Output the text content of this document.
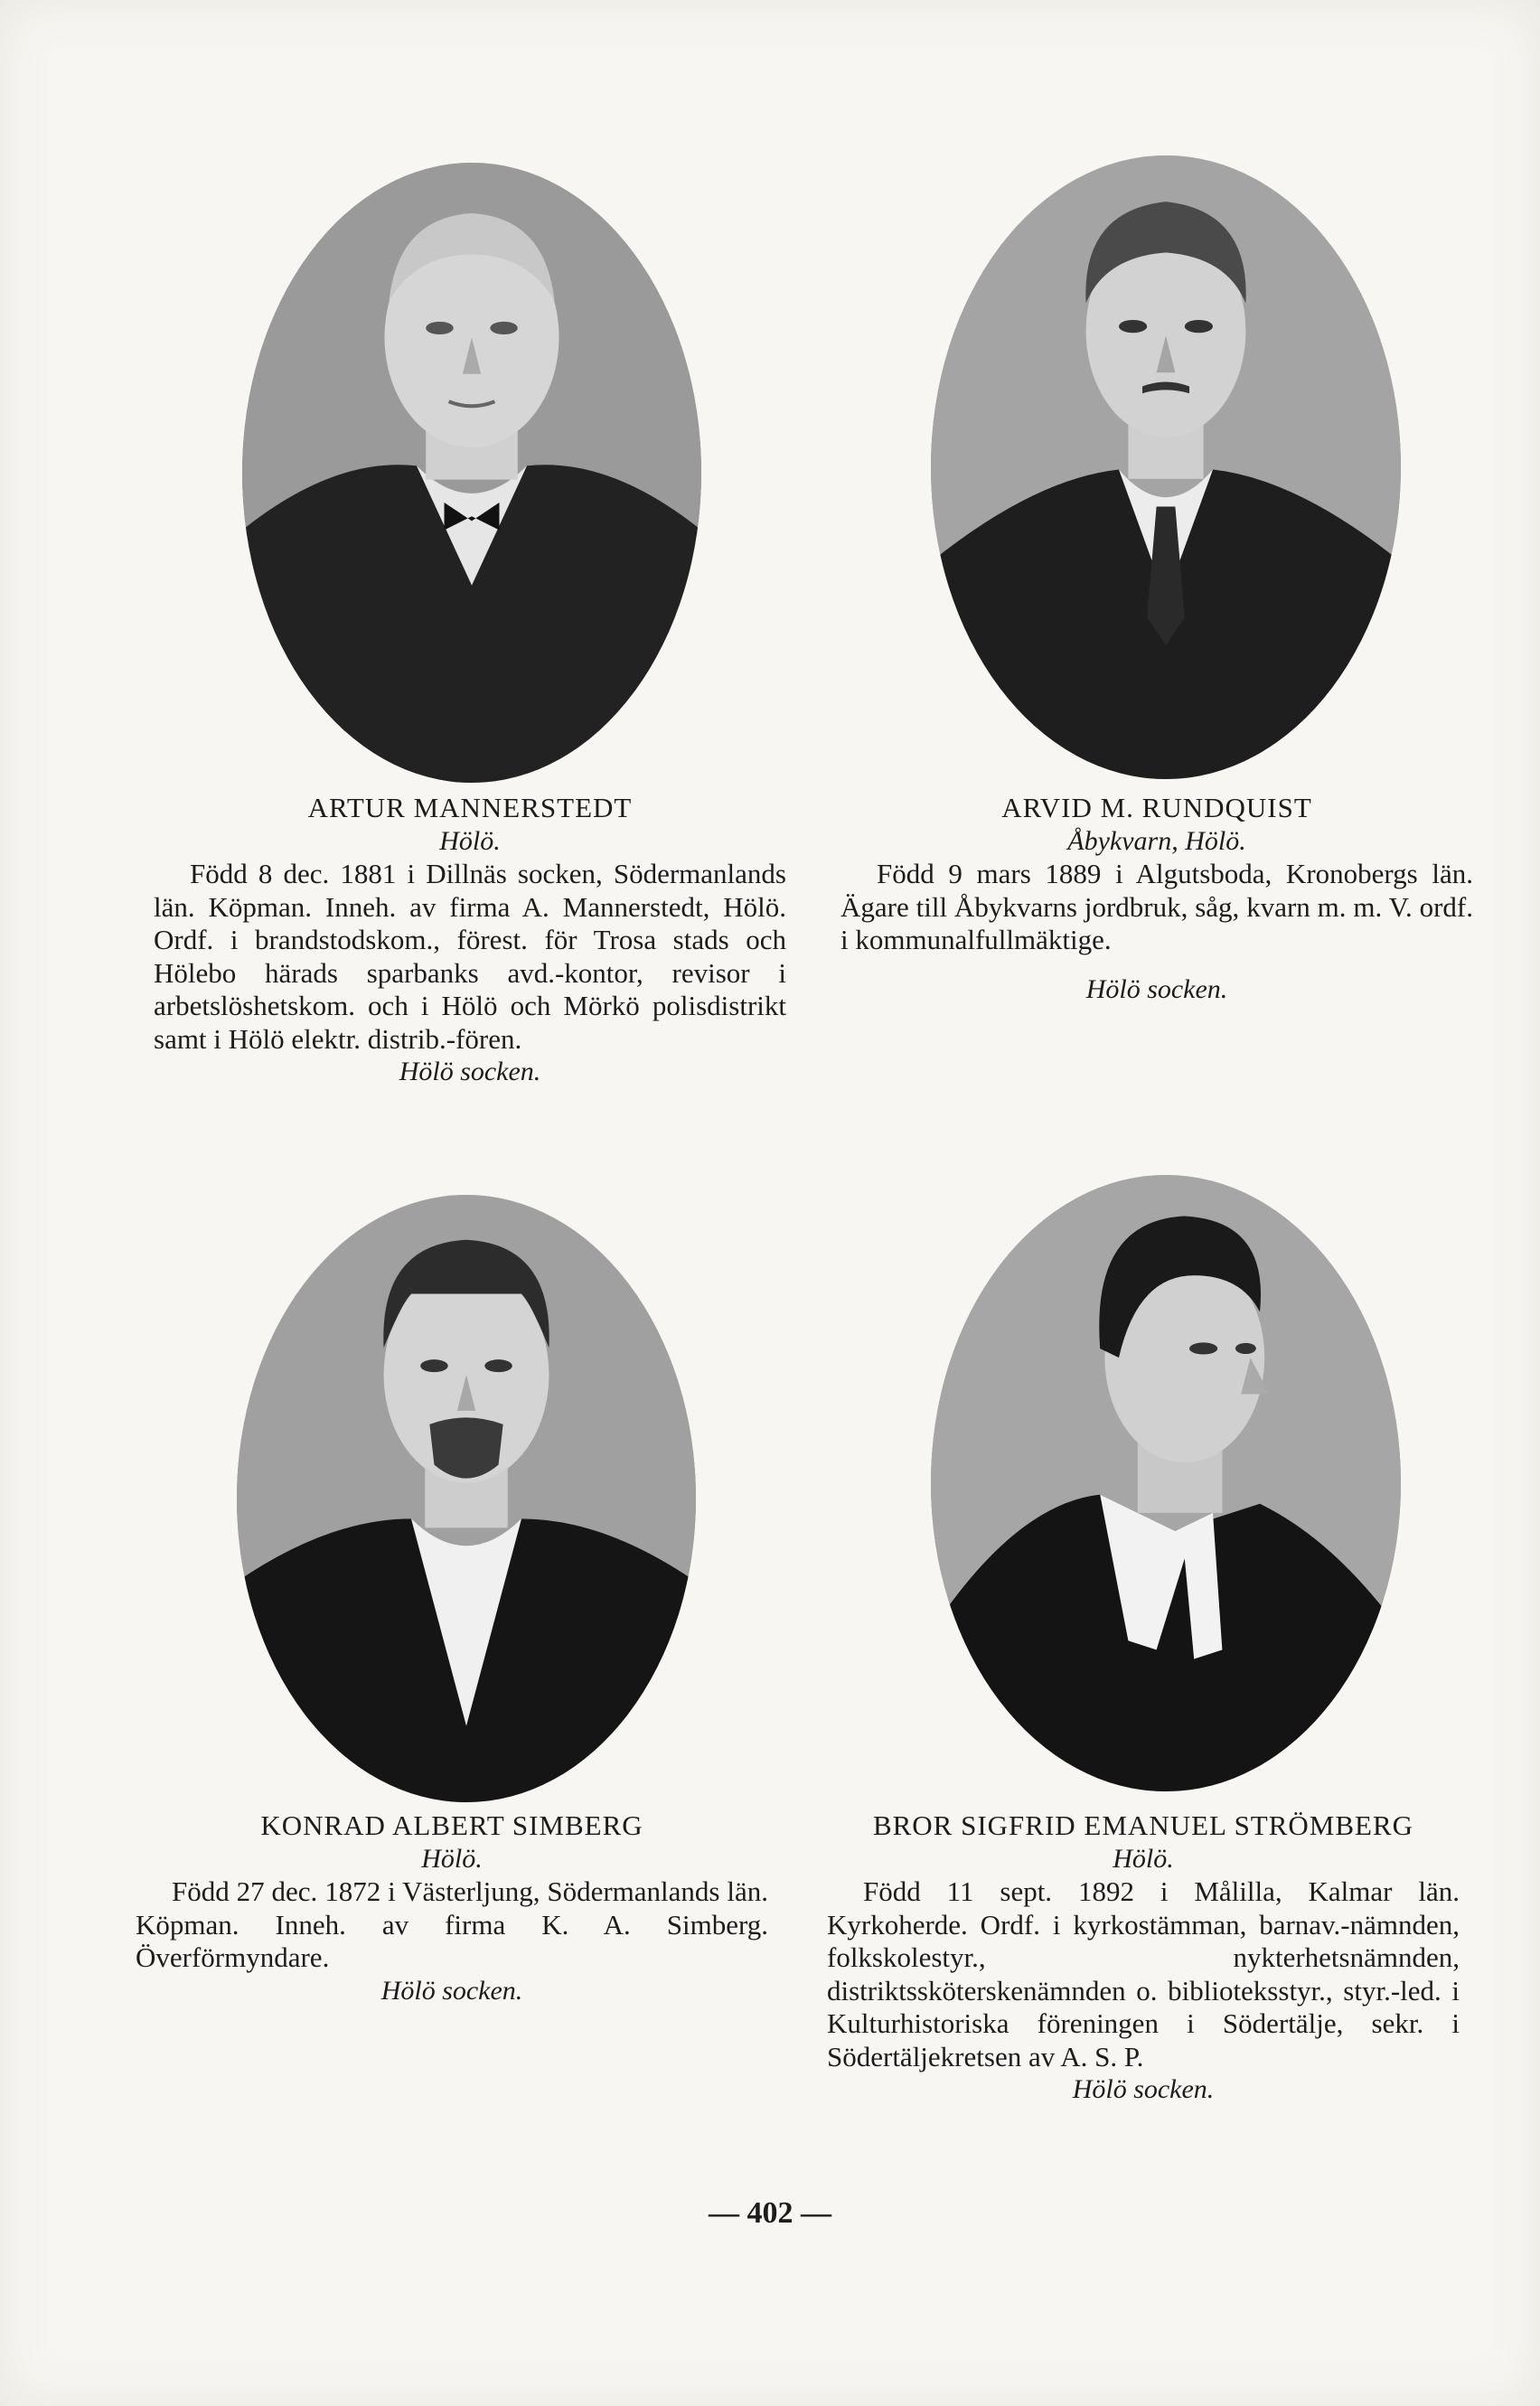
ARTUR MANNERSTEDT
Hölö.
Född 8 dec. 1881 i Dillnäs socken, Södermanlands län. Köpman. Inneh. av firma A. Mannerstedt, Hölö. Ordf. i brandstodskom., förest. för Trosa stads och Hölebo härads sparbanks avd.-kontor, revisor i arbetslöshetskom. och i Hölö och Mörkö polisdistrikt samt i Hölö elektr. distrib.-fören.
Hölö socken.
ARVID M. RUNDQUIST
Åbykvarn, Hölö.
Född 9 mars 1889 i Algutsboda, Kronobergs län. Ägare till Åbykvarns jordbruk, såg, kvarn m. m. V. ordf. i kommunalfullmäktige.
Hölö socken.
KONRAD ALBERT SIMBERG
Hölö.
Född 27 dec. 1872 i Västerljung, Södermanlands län. Köpman. Inneh. av firma K. A. Simberg. Överförmyndare.
Hölö socken.
BROR SIGFRID EMANUEL STRÖMBERG
Hölö.
Född 11 sept. 1892 i Målilla, Kalmar län. Kyrkoherde. Ordf. i kyrkostämman, barnav.-nämnden, folkskolestyr., nykterhetsnämnden, distriktssköterskenämnden o. biblioteksstyr., styr.-led. i Kulturhistoriska föreningen i Södertälje, sekr. i Södertäljekretsen av A. S. P.
Hölö socken.
— 402 —
